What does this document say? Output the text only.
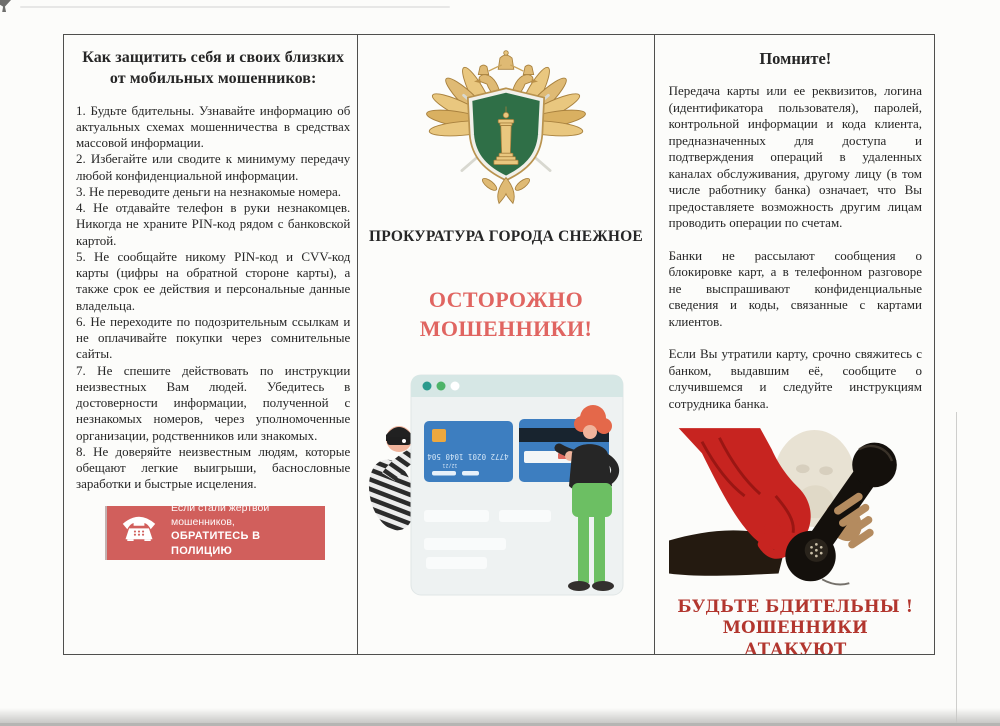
Как защитить себя и своих близких от мобильных мошенников:

1. Будьте бдительны. Узнавайте информацию об актуальных схемах мошенничества в средствах массовой информации.

2. Избегайте или сводите к минимуму передачу любой конфиденциальной информации.

3. Не переводите деньги на незнакомые номера.

4. Не отдавайте телефон в руки незнакомцев. Никогда не храните PIN-код рядом с банковской картой.

5. Не сообщайте никому PIN-код и CVV-код карты (цифры на обратной стороне карты), а также срок ее действия и персональные данные владельца.

6. Не переходите по подозрительным ссылкам и не оплачивайте покупки через сомнительные сайты.

7. Не спешите действовать по инструкции неизвестных Вам людей. Убедитесь в достоверности информации, полученной с незнакомых номеров, через уполномоченные организации, родственников или знакомых.

8. Не доверяйте неизвестным людям, которые обещают легкие выигрыши, баснословные заработки и быстрые исцеления.

Если стали жертвой мошенников,
ОБРАТИТЕСЬ В ПОЛИЦИЮ
ПРОКУРАТУРА ГОРОДА СНЕЖНОЕ
ОСТОРОЖНО
МОШЕННИКИ!
4772 0201 1040 504
12/21
Помните!

Передача карты или ее реквизитов, логина (идентификатора пользователя), паролей, контрольной информации и кода клиента, предназначенных для доступа и подтверждения операций в удаленных каналах обслуживания, другому лицу (в том числе работнику банка) означает, что Вы предоставляете возможность другим лицам проводить операции по счетам.

Банки не рассылают сообщения о блокировке карт, а в телефонном разговоре не выспрашивают конфиденциальные сведения и коды, связанные с картами клиентов.

Если Вы утратили карту, срочно свяжитесь с банком, выдавшим её, сообщите о случившемся и следуйте инструкциям сотрудника банка.

БУДЬТЕ БДИТЕЛЬНЫ !
МОШЕННИКИ АТАКУЮТ
